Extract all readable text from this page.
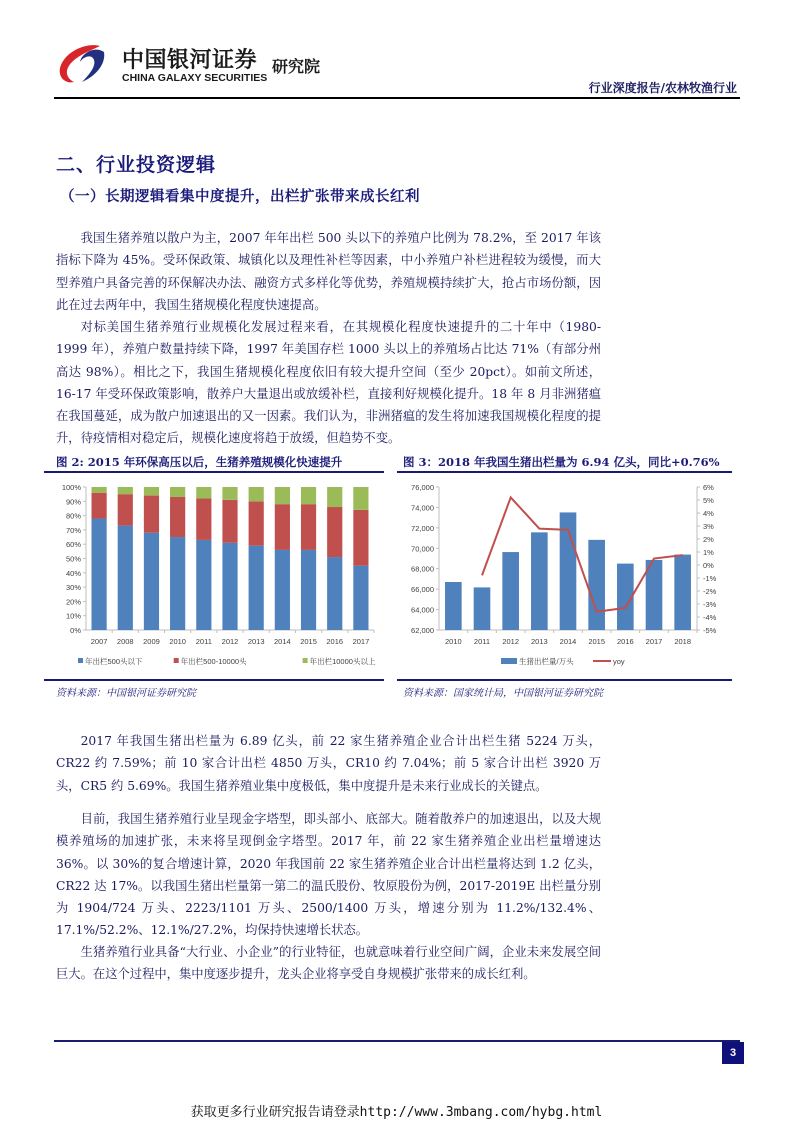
中国银河证券
CHINA GALAXY SECURITIES
研究院
行业深度报告/农林牧渔行业
二、行业投资逻辑
（一）长期逻辑看集中度提升，出栏扩张带来成长红利
我国生猪养殖以散户为主，2007 年年出栏 500 头以下的养殖户比例为 78.2%，至 2017 年该指标下降为 45%。受环保政策、城镇化以及理性补栏等因素，中小养殖户补栏进程较为缓慢，而大型养殖户具备完善的环保解决办法、融资方式多样化等优势，养殖规模持续扩大，抢占市场份额，因此在过去两年中，我国生猪规模化程度快速提高。
对标美国生猪养殖行业规模化发展过程来看，在其规模化程度快速提升的二十年中（1980-1999 年），养殖户数量持续下降，1997 年美国存栏 1000 头以上的养殖场占比达 71%（有部分州高达 98%）。相比之下，我国生猪规模化程度依旧有较大提升空间（至少 20pct）。如前文所述，16-17 年受环保政策影响，散养户大量退出或放缓补栏，直接利好规模化提升。18 年 8 月非洲猪瘟在我国蔓延，成为散户加速退出的又一因素。我们认为，非洲猪瘟的发生将加速我国规模化程度的提升，待疫情相对稳定后，规模化速度将趋于放缓，但趋势不变。
图 2: 2015 年环保高压以后，生猪养殖规模化快速提升
0%
10%
20%
30%
40%
50%
60%
70%
80%
90%
100%
2007 2008 2009 2010 2011 2012 2013 2014 2015 2016 2017
年出栏500头以下	年出栏500-10000头	年出栏10000头以上
资料来源：中国银河证券研究院
图 3：2018 年我国生猪出栏量为 6.94 亿头，同比+0.76%
62,000
64,000
66,000
68,000
70,000
72,000
74,000
76,000
-5%
-4%
-3%
-2%
-1%
0%
1%
2%
3%
4%
5%
6%
2010 2011 2012 2013 2014 2015 2016 2017 2018
生猪出栏量/万头	yoy
资料来源：国家统计局，中国银河证券研究院
2017 年我国生猪出栏量为 6.89 亿头，前 22 家生猪养殖企业合计出栏生猪 5224 万头，CR22 约 7.59%；前 10 家合计出栏 4850 万头，CR10 约 7.04%；前 5 家合计出栏 3920 万头，CR5 约 5.69%。我国生猪养殖业集中度极低，集中度提升是未来行业成长的关键点。
目前，我国生猪养殖行业呈现金字塔型，即头部小、底部大。随着散养户的加速退出，以及大规模养殖场的加速扩张，未来将呈现倒金字塔型。2017 年，前 22 家生猪养殖企业出栏量增速达 36%。以 30%的复合增速计算，2020 年我国前 22 家生猪养殖企业合计出栏量将达到 1.2 亿头，CR22 达 17%。以我国生猪出栏量第一第二的温氏股份、牧原股份为例，2017-2019E 出栏量分别为 1904/724 万头、2223/1101 万头、2500/1400 万头，增速分别为 11.2%/132.4%、17.1%/52.2%、12.1%/27.2%，均保持快速增长状态。
生猪养殖行业具备“大行业、小企业”的行业特征，也就意味着行业空间广阔，企业未来发展空间巨大。在这个过程中，集中度逐步提升，龙头企业将享受自身规模扩张带来的成长红利。
3
获取更多行业研究报告请登录http://www.3mbang.com/hybg.html
